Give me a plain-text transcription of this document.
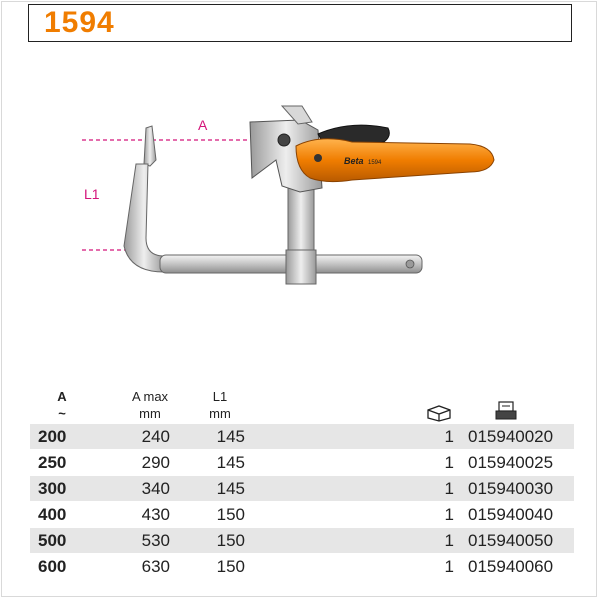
1594
Beta 1594
A
L1
A
~
A max
mm
L1
mm
200	240	145	1 015940020
250	290	145	1 015940025
300	340	145	1 015940030
400	430	150	1 015940040
500	530	150	1 015940050
600	630	150	1 015940060
